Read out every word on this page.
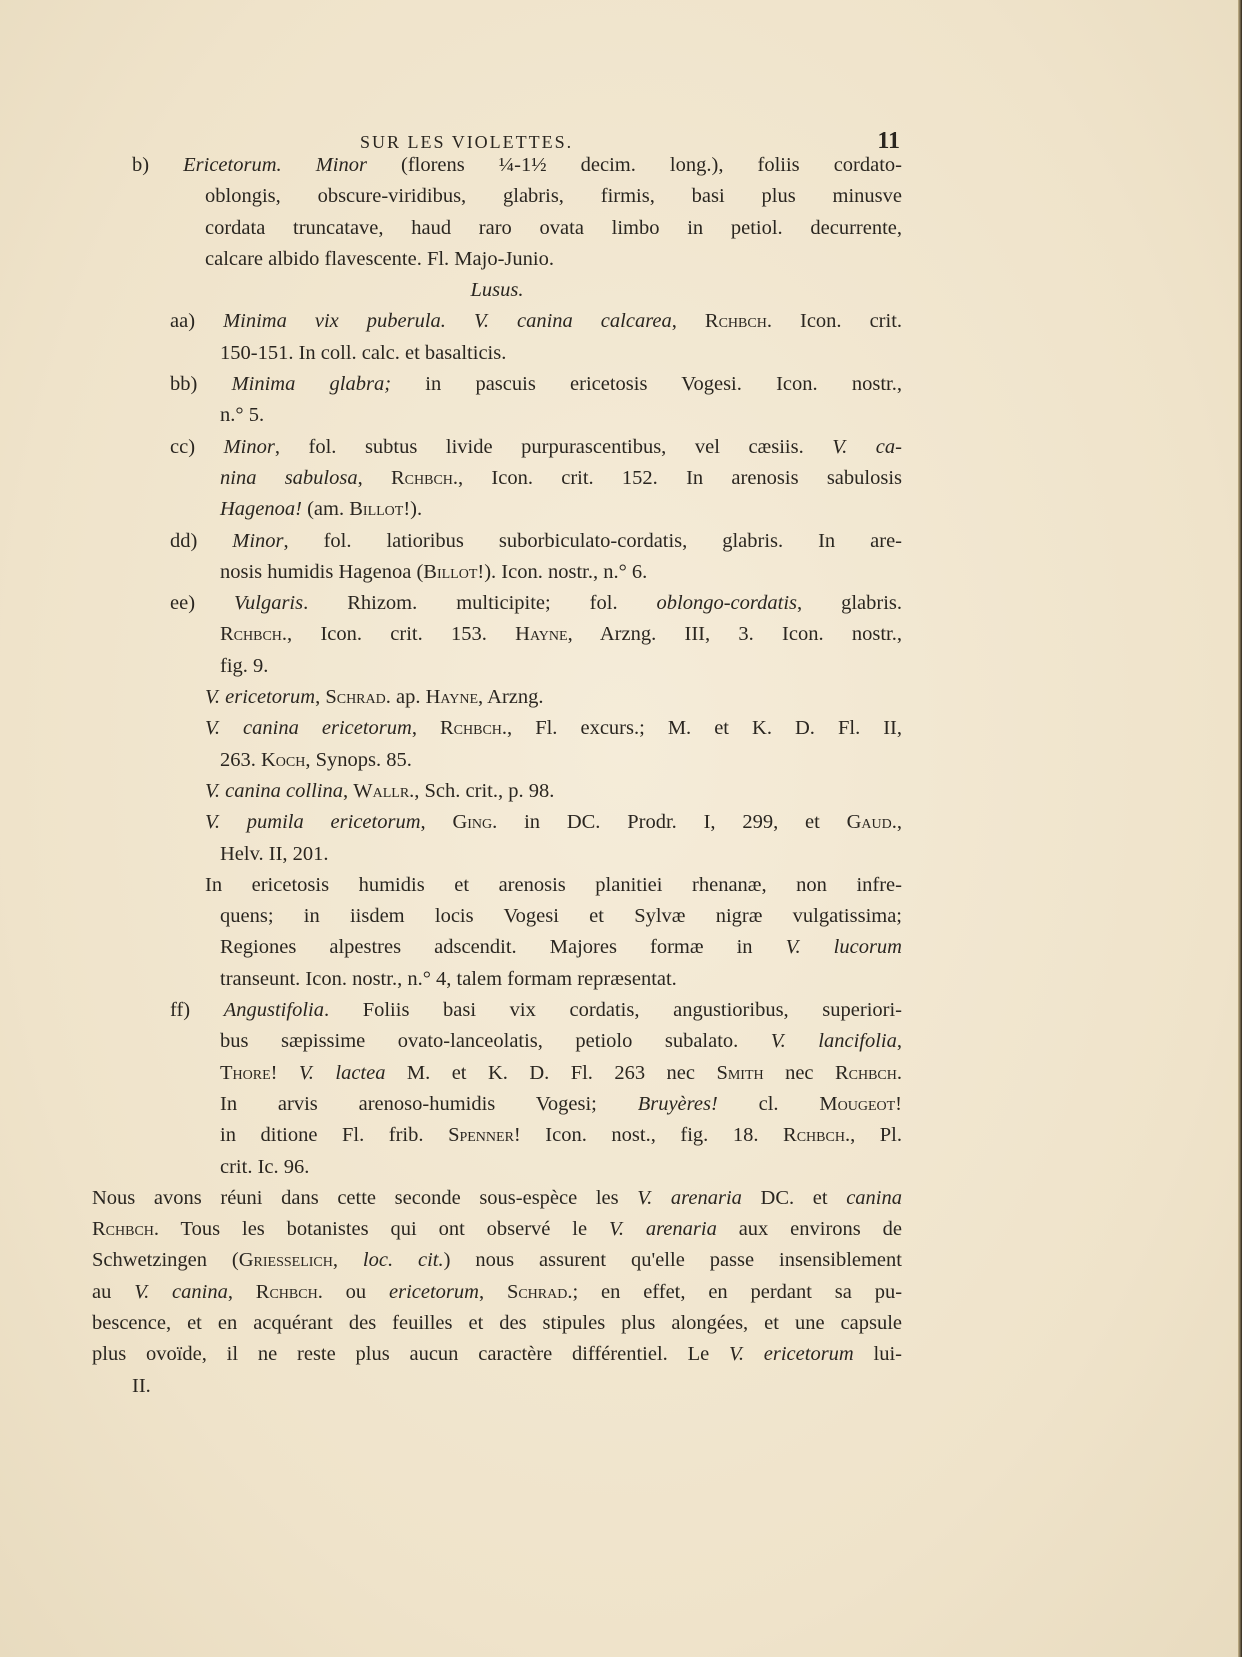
SUR LES VIOLETTES.	11
b) Ericetorum. Minor (florens ¼-1½ decim. long.), foliis cordato-
oblongis, obscure-viridibus, glabris, firmis, basi plus minusve
cordata truncatave, haud raro ovata limbo in petiol. decurrente,
calcare albido flavescente. Fl. Majo-Junio.
Lusus.
aa) Minima vix puberula. V. canina calcarea, Rchbch. Icon. crit.
150-151. In coll. calc. et basalticis.
bb) Minima glabra; in pascuis ericetosis Vogesi. Icon. nostr.,
n.° 5.
cc) Minor, fol. subtus livide purpurascentibus, vel cæsiis. V. ca-
nina sabulosa, Rchbch., Icon. crit. 152. In arenosis sabulosis
Hagenoa! (am. Billot!).
dd) Minor, fol. latioribus suborbiculato-cordatis, glabris. In are-
nosis humidis Hagenoa (Billot!). Icon. nostr., n.° 6.
ee) Vulgaris. Rhizom. multicipite; fol. oblongo-cordatis, glabris.
Rchbch., Icon. crit. 153. Hayne, Arzng. III, 3. Icon. nostr.,
fig. 9.
V. ericetorum, Schrad. ap. Hayne, Arzng.
V. canina ericetorum, Rchbch., Fl. excurs.; M. et K. D. Fl. II,
263. Koch, Synops. 85.
V. canina collina, Wallr., Sch. crit., p. 98.
V. pumila ericetorum, Ging. in DC. Prodr. I, 299, et Gaud.,
Helv. II, 201.
In ericetosis humidis et arenosis planitiei rhenanæ, non infre-
quens; in iisdem locis Vogesi et Sylvæ nigræ vulgatissima;
Regiones alpestres adscendit. Majores formæ in V. lucorum
transeunt. Icon. nostr., n.° 4, talem formam repræsentat.
ff) Angustifolia. Foliis basi vix cordatis, angustioribus, superiori-
bus sæpissime ovato-lanceolatis, petiolo subalato. V. lancifolia,
Thore! V. lactea M. et K. D. Fl. 263 nec Smith nec Rchbch.
In arvis arenoso-humidis Vogesi; Bruyères! cl. Mougeot!
in ditione Fl. frib. Spenner! Icon. nost., fig. 18. Rchbch., Pl.
crit. Ic. 96.
Nous avons réuni dans cette seconde sous-espèce les V. arenaria DC. et canina
Rchbch. Tous les botanistes qui ont observé le V. arenaria aux environs de
Schwetzingen (Griesselich, loc. cit.) nous assurent qu'elle passe insensiblement
au V. canina, Rchbch. ou ericetorum, Schrad.; en effet, en perdant sa pu-
bescence, et en acquérant des feuilles et des stipules plus alongées, et une capsule
plus ovoïde, il ne reste plus aucun caractère différentiel. Le V. ericetorum lui-
II.
